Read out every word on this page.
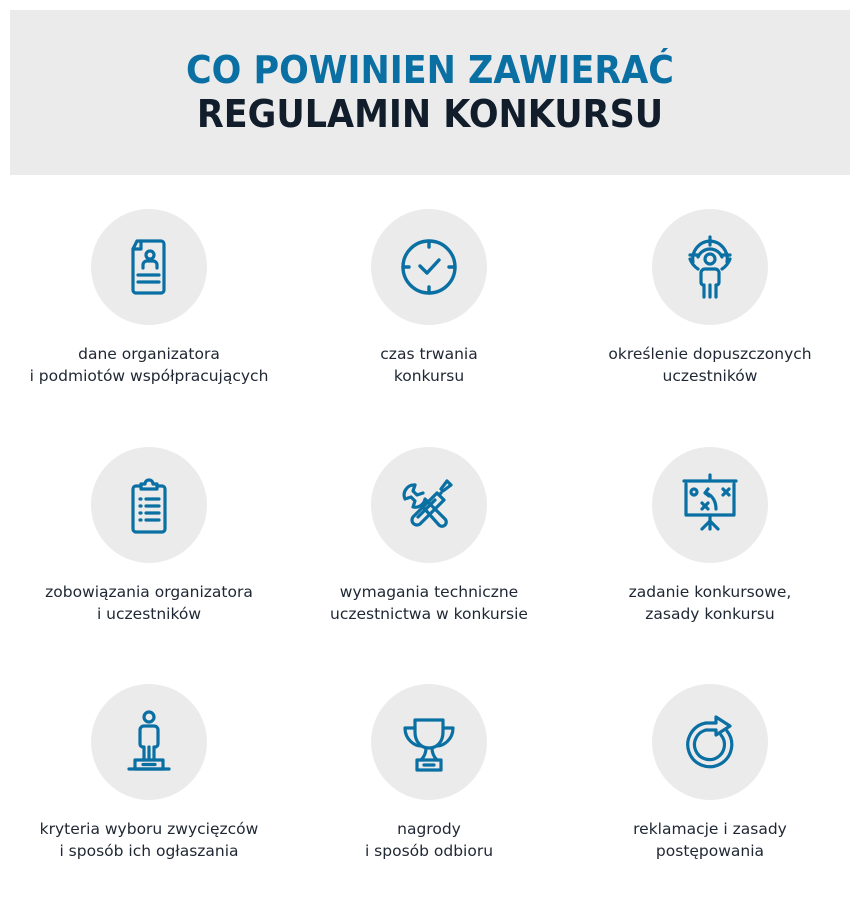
CO POWINIEN ZAWIERAĆ
REGULAMIN KONKURSU
dane organizatora
i podmiotów współpracujących
czas trwania
konkursu
określenie dopuszczonych
uczestników
zobowiązania organizatora
i uczestników
wymagania techniczne
uczestnictwa w konkursie
zadanie konkursowe,
zasady konkursu
kryteria wyboru zwycięzców
i sposób ich ogłaszania
nagrody
i sposób odbioru
reklamacje i zasady
postępowania
